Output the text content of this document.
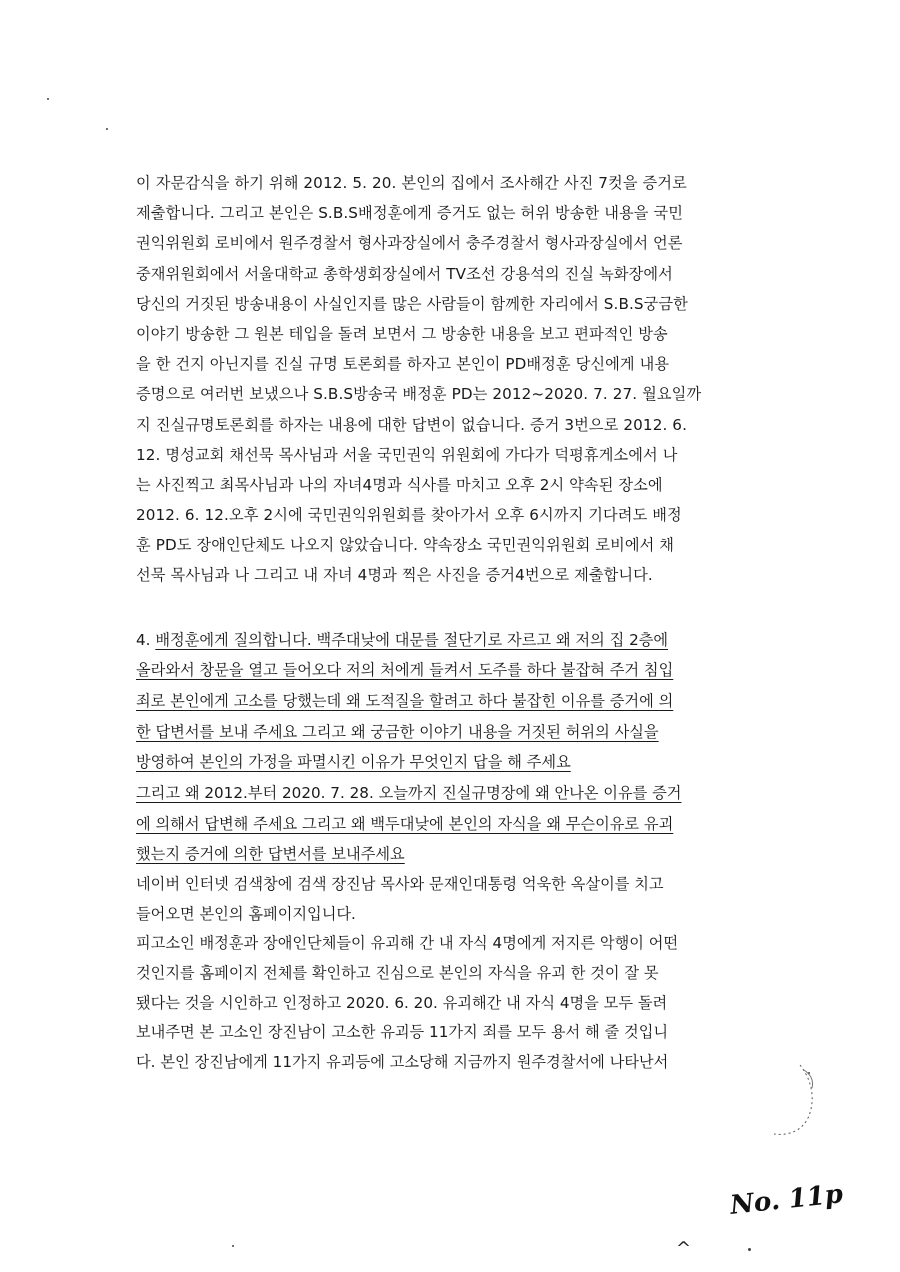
이 자문감식을 하기 위해 2012. 5. 20. 본인의 집에서 조사해간 사진 7컷을 증거로
제출합니다. 그리고 본인은 S.B.S배정훈에게 증거도 없는 허위 방송한 내용을 국민
권익위원회 로비에서 원주경찰서 형사과장실에서 충주경찰서 형사과장실에서 언론
중재위원회에서 서울대학교 총학생회장실에서 TV조선 강용석의 진실 녹화장에서
당신의 거짓된 방송내용이 사실인지를 많은 사람들이 함께한 자리에서 S.B.S궁금한
이야기 방송한 그 원본 테입을 돌려 보면서 그 방송한 내용을 보고 편파적인 방송
을 한 건지 아닌지를 진실 규명 토론회를 하자고 본인이 PD배정훈 당신에게 내용
증명으로 여러번 보냈으나 S.B.S방송국 배정훈 PD는 2012~2020. 7. 27. 월요일까
지 진실규명토론회를 하자는 내용에 대한 답변이 없습니다. 증거 3번으로 2012. 6.
12. 명성교회 채선묵 목사님과 서울 국민권익 위원회에 가다가 덕평휴게소에서 나
는 사진찍고 최목사님과 나의 자녀4명과 식사를 마치고 오후 2시 약속된 장소에
2012. 6. 12.오후 2시에 국민권익위원회를 찾아가서 오후 6시까지 기다려도 배정
훈 PD도 장애인단체도 나오지 않았습니다. 약속장소 국민권익위원회 로비에서 채
선묵 목사님과 나 그리고 내 자녀 4명과 찍은 사진을 증거4번으로 제출합니다.
4. 배정훈에게 질의합니다. 백주대낮에 대문를 절단기로 자르고 왜 저의 집 2층에
올라와서 창문을 열고 들어오다 저의 처에게 들켜서 도주를 하다 불잡혀 주거 침입
죄로 본인에게 고소를 당했는데 왜 도적질을 할려고 하다 불잡힌 이유를 증거에 의
한 답변서를 보내 주세요 그리고 왜 궁금한 이야기 내용을 거짓된 허위의 사실을
방영하여 본인의 가정을 파멸시킨 이유가 무엇인지 답을 해 주세요
그리고 왜 2012.부터 2020. 7. 28. 오늘까지 진실규명장에 왜 안나온 이유를 증거
에 의해서 답변해 주세요 그리고 왜 백두대낮에 본인의 자식을 왜 무슨이유로 유괴
했는지 증거에 의한 답변서를 보내주세요
네이버 인터넷 검색창에 검색 장진남 목사와 문재인대통령 억욱한 옥살이를 치고
들어오면 본인의 홈페이지입니다.
피고소인 배정훈과 장애인단체들이 유괴해 간 내 자식 4명에게 저지른 악행이 어떤
것인지를 홈페이지 전체를 확인하고 진심으로 본인의 자식을 유괴 한 것이 잘 못
됐다는 것을 시인하고 인정하고 2020. 6. 20. 유괴해간 내 자식 4명을 모두 돌려
보내주면 본 고소인 장진남이 고소한 유괴등 11가지 죄를 모두 용서 해 줄 것입니
다. 본인 장진남에게 11가지 유괴등에 고소당해 지금까지 원주경찰서에 나타난서
No. 11p
^
